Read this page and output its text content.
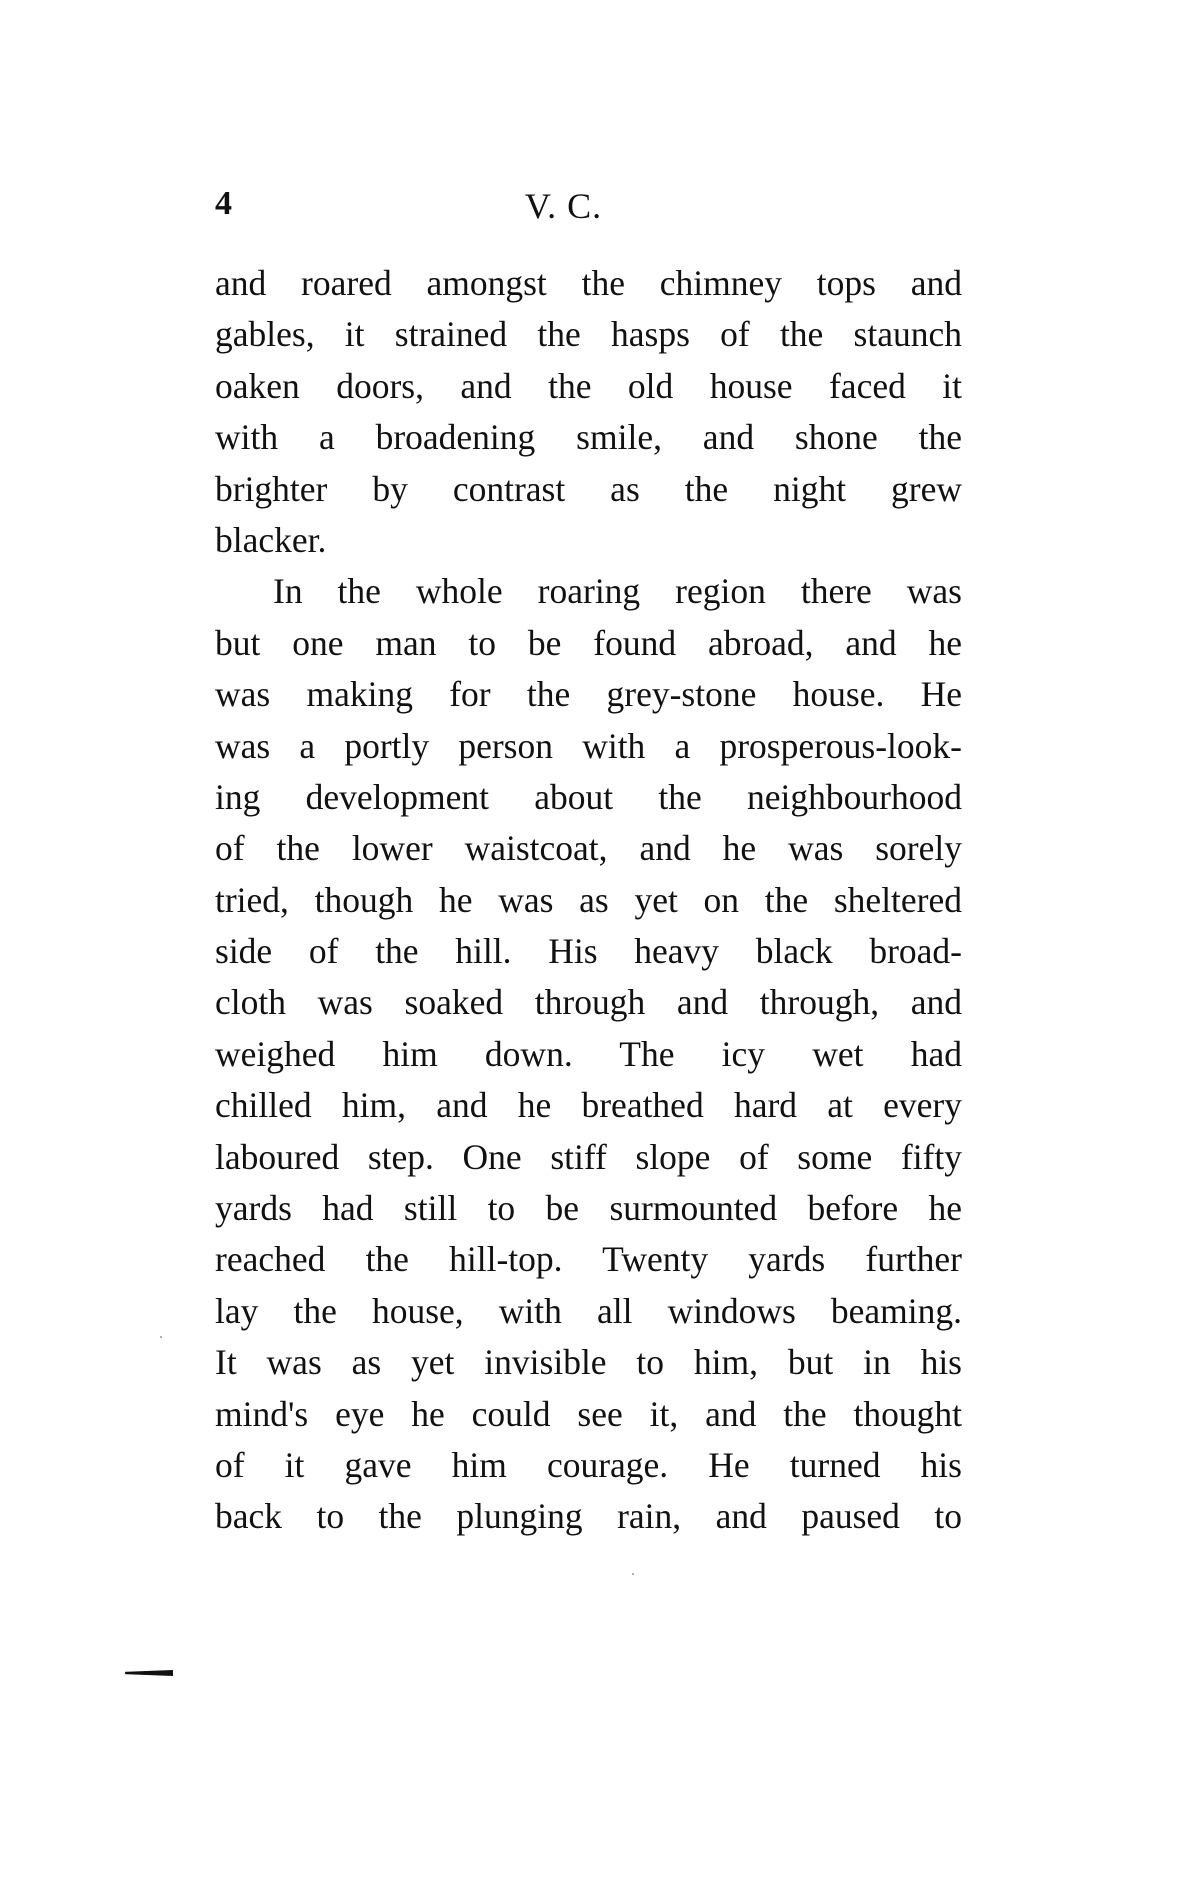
4	V. C.
and roared amongst the chimney tops and
gables, it strained the hasps of the staunch
oaken doors, and the old house faced it
with a broadening smile, and shone the
brighter by contrast as the night grew
blacker.
In the whole roaring region there was
but one man to be found abroad, and he
was making for the grey-stone house. He
was a portly person with a prosperous-look-
ing development about the neighbourhood
of the lower waistcoat, and he was sorely
tried, though he was as yet on the sheltered
side of the hill. His heavy black broad-
cloth was soaked through and through, and
weighed him down. The icy wet had
chilled him, and he breathed hard at every
laboured step. One stiff slope of some fifty
yards had still to be surmounted before he
reached the hill-top. Twenty yards further
lay the house, with all windows beaming.
It was as yet invisible to him, but in his
mind's eye he could see it, and the thought
of it gave him courage. He turned his
back to the plunging rain, and paused to
